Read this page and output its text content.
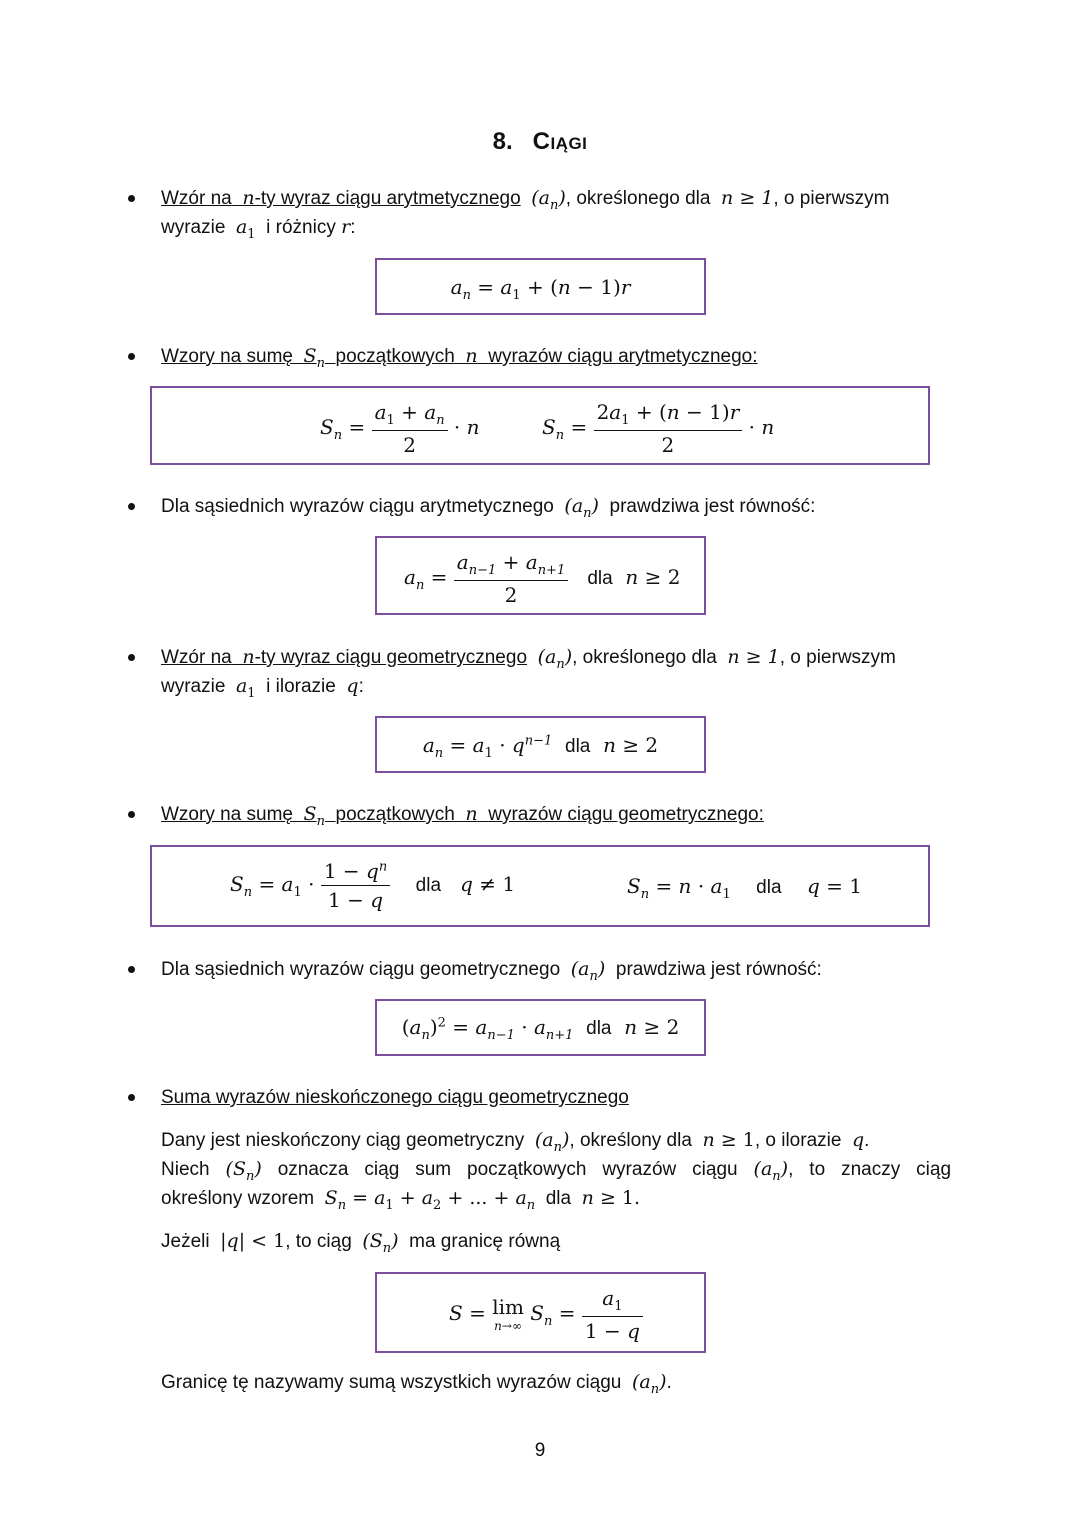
8. Ciągi
Wzór na n-ty wyraz ciągu arytmetycznego $(a_n)$, określonego dla n ≥ 1, o pierwszym
wyrazie $a_1$ i różnicy r:
$a_n = a_1 + (n - 1)r$
Wzory na sumę $S_n$ początkowych n wyrazów ciągu arytmetycznego:
$S_n = \frac{a_1 + a_n}{2} \cdot n$	$S_n = \frac{2a_1 + (n - 1)r}{2} \cdot n$
Dla sąsiednich wyrazów ciągu arytmetycznego $(a_n)$ prawdziwa jest równość:
$a_n = \frac{a_{n-1} + a_{n+1}}{2}$ dla  n ≥ 2
Wzór na n-ty wyraz ciągu geometrycznego $(a_n)$, określonego dla n ≥ 1, o pierwszym
wyrazie $a_1$ i ilorazie q:
$a_n = a_1 \cdot q^{n-1}$ dla  n ≥ 2
Wzory na sumę $S_n$ początkowych n wyrazów ciągu geometrycznego:
$S_n = a_1 \cdot \frac{1 - q^n}{1 - q}$ dla   q ≠ 1	$S_n = n \cdot a_1$ dla    q = 1
Dla sąsiednich wyrazów ciągu geometrycznego $(a_n)$ prawdziwa jest równość:
$(a_n)^2 = a_{n-1} \cdot a_{n+1}$ dla  n ≥ 2
Suma wyrazów nieskończonego ciągu geometrycznego
Dany jest nieskończony ciąg geometryczny $(a_n)$, określony dla n ≥ 1, o ilorazie q.
Niech $(S_n)$ oznacza ciąg sum początkowych wyrazów ciągu $(a_n)$, to znaczy ciąg
określony wzorem $S_n = a_1 + a_2$ + ... + $a_n$ dla n ≥ 1.
Jeżeli |q| < 1, to ciąg $(S_n)$ ma granicę równą
S = lim
n→∞
$S_n = \frac{a_1}{1 - q}$
Granicę tę nazywamy sumą wszystkich wyrazów ciągu $(a_n)$.
9
